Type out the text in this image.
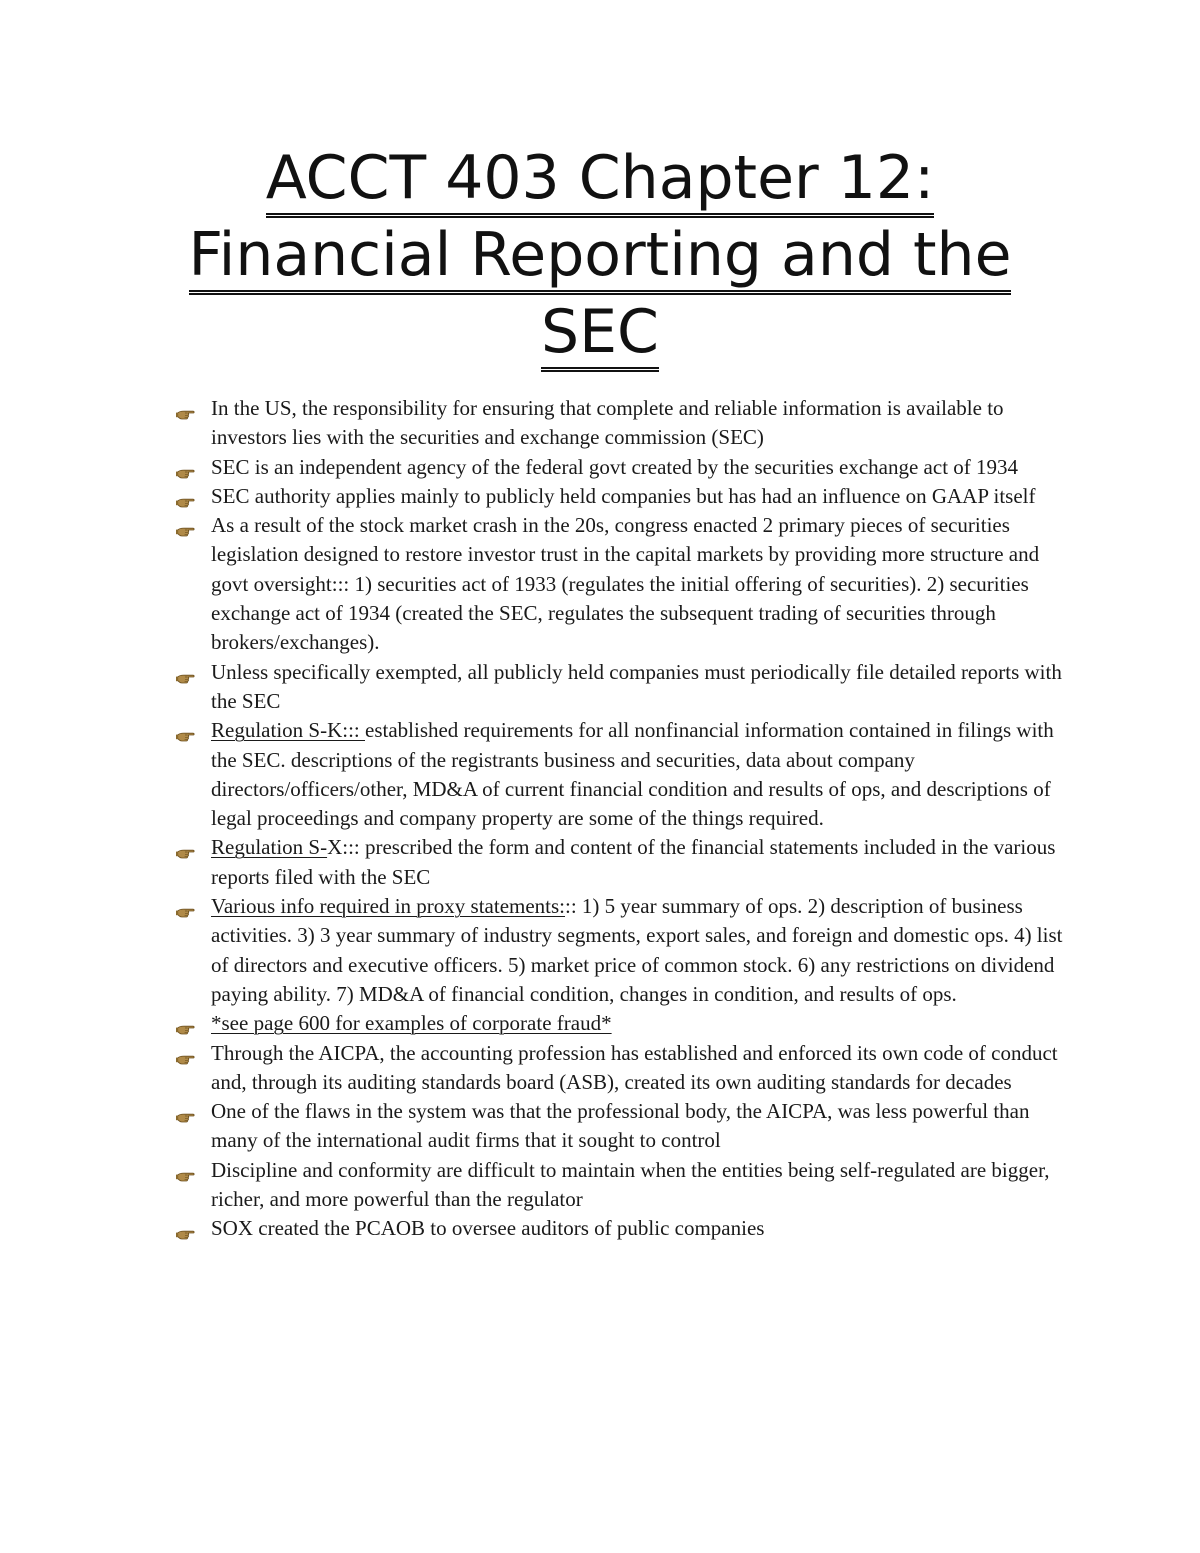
ACCT 403 Chapter 12:
Financial Reporting and the
SEC
In the US, the responsibility for ensuring that complete and reliable information is available to investors lies with the securities and exchange commission (SEC)
SEC is an independent agency of the federal govt created by the securities exchange act of 1934
SEC authority applies mainly to publicly held companies but has had an influence on GAAP itself
As a result of the stock market crash in the 20s, congress enacted 2 primary pieces of securities legislation designed to restore investor trust in the capital markets by providing more structure and govt oversight::: 1) securities act of 1933 (regulates the initial offering of securities). 2) securities exchange act of 1934 (created the SEC, regulates the subsequent trading of securities through brokers/exchanges).
Unless specifically exempted, all publicly held companies must periodically file detailed reports with the SEC
Regulation S-K::: established requirements for all nonfinancial information contained in filings with the SEC. descriptions of the registrants business and securities, data about company directors/officers/other, MD&A of current financial condition and results of ops, and descriptions of legal proceedings and company property are some of the things required.
Regulation S-X::: prescribed the form and content of the financial statements included in the various reports filed with the SEC
Various info required in proxy statements::: 1) 5 year summary of ops. 2) description of business activities. 3) 3 year summary of industry segments, export sales, and foreign and domestic ops. 4) list of directors and executive officers. 5) market price of common stock. 6) any restrictions on dividend paying ability. 7) MD&A of financial condition, changes in condition, and results of ops.
*see page 600 for examples of corporate fraud*
Through the AICPA, the accounting profession has established and enforced its own code of conduct and, through its auditing standards board (ASB), created its own auditing standards for decades
One of the flaws in the system was that the professional body, the AICPA, was less powerful than many of the international audit firms that it sought to control
Discipline and conformity are difficult to maintain when the entities being self-regulated are bigger, richer, and more powerful than the regulator
SOX created the PCAOB to oversee auditors of public companies
